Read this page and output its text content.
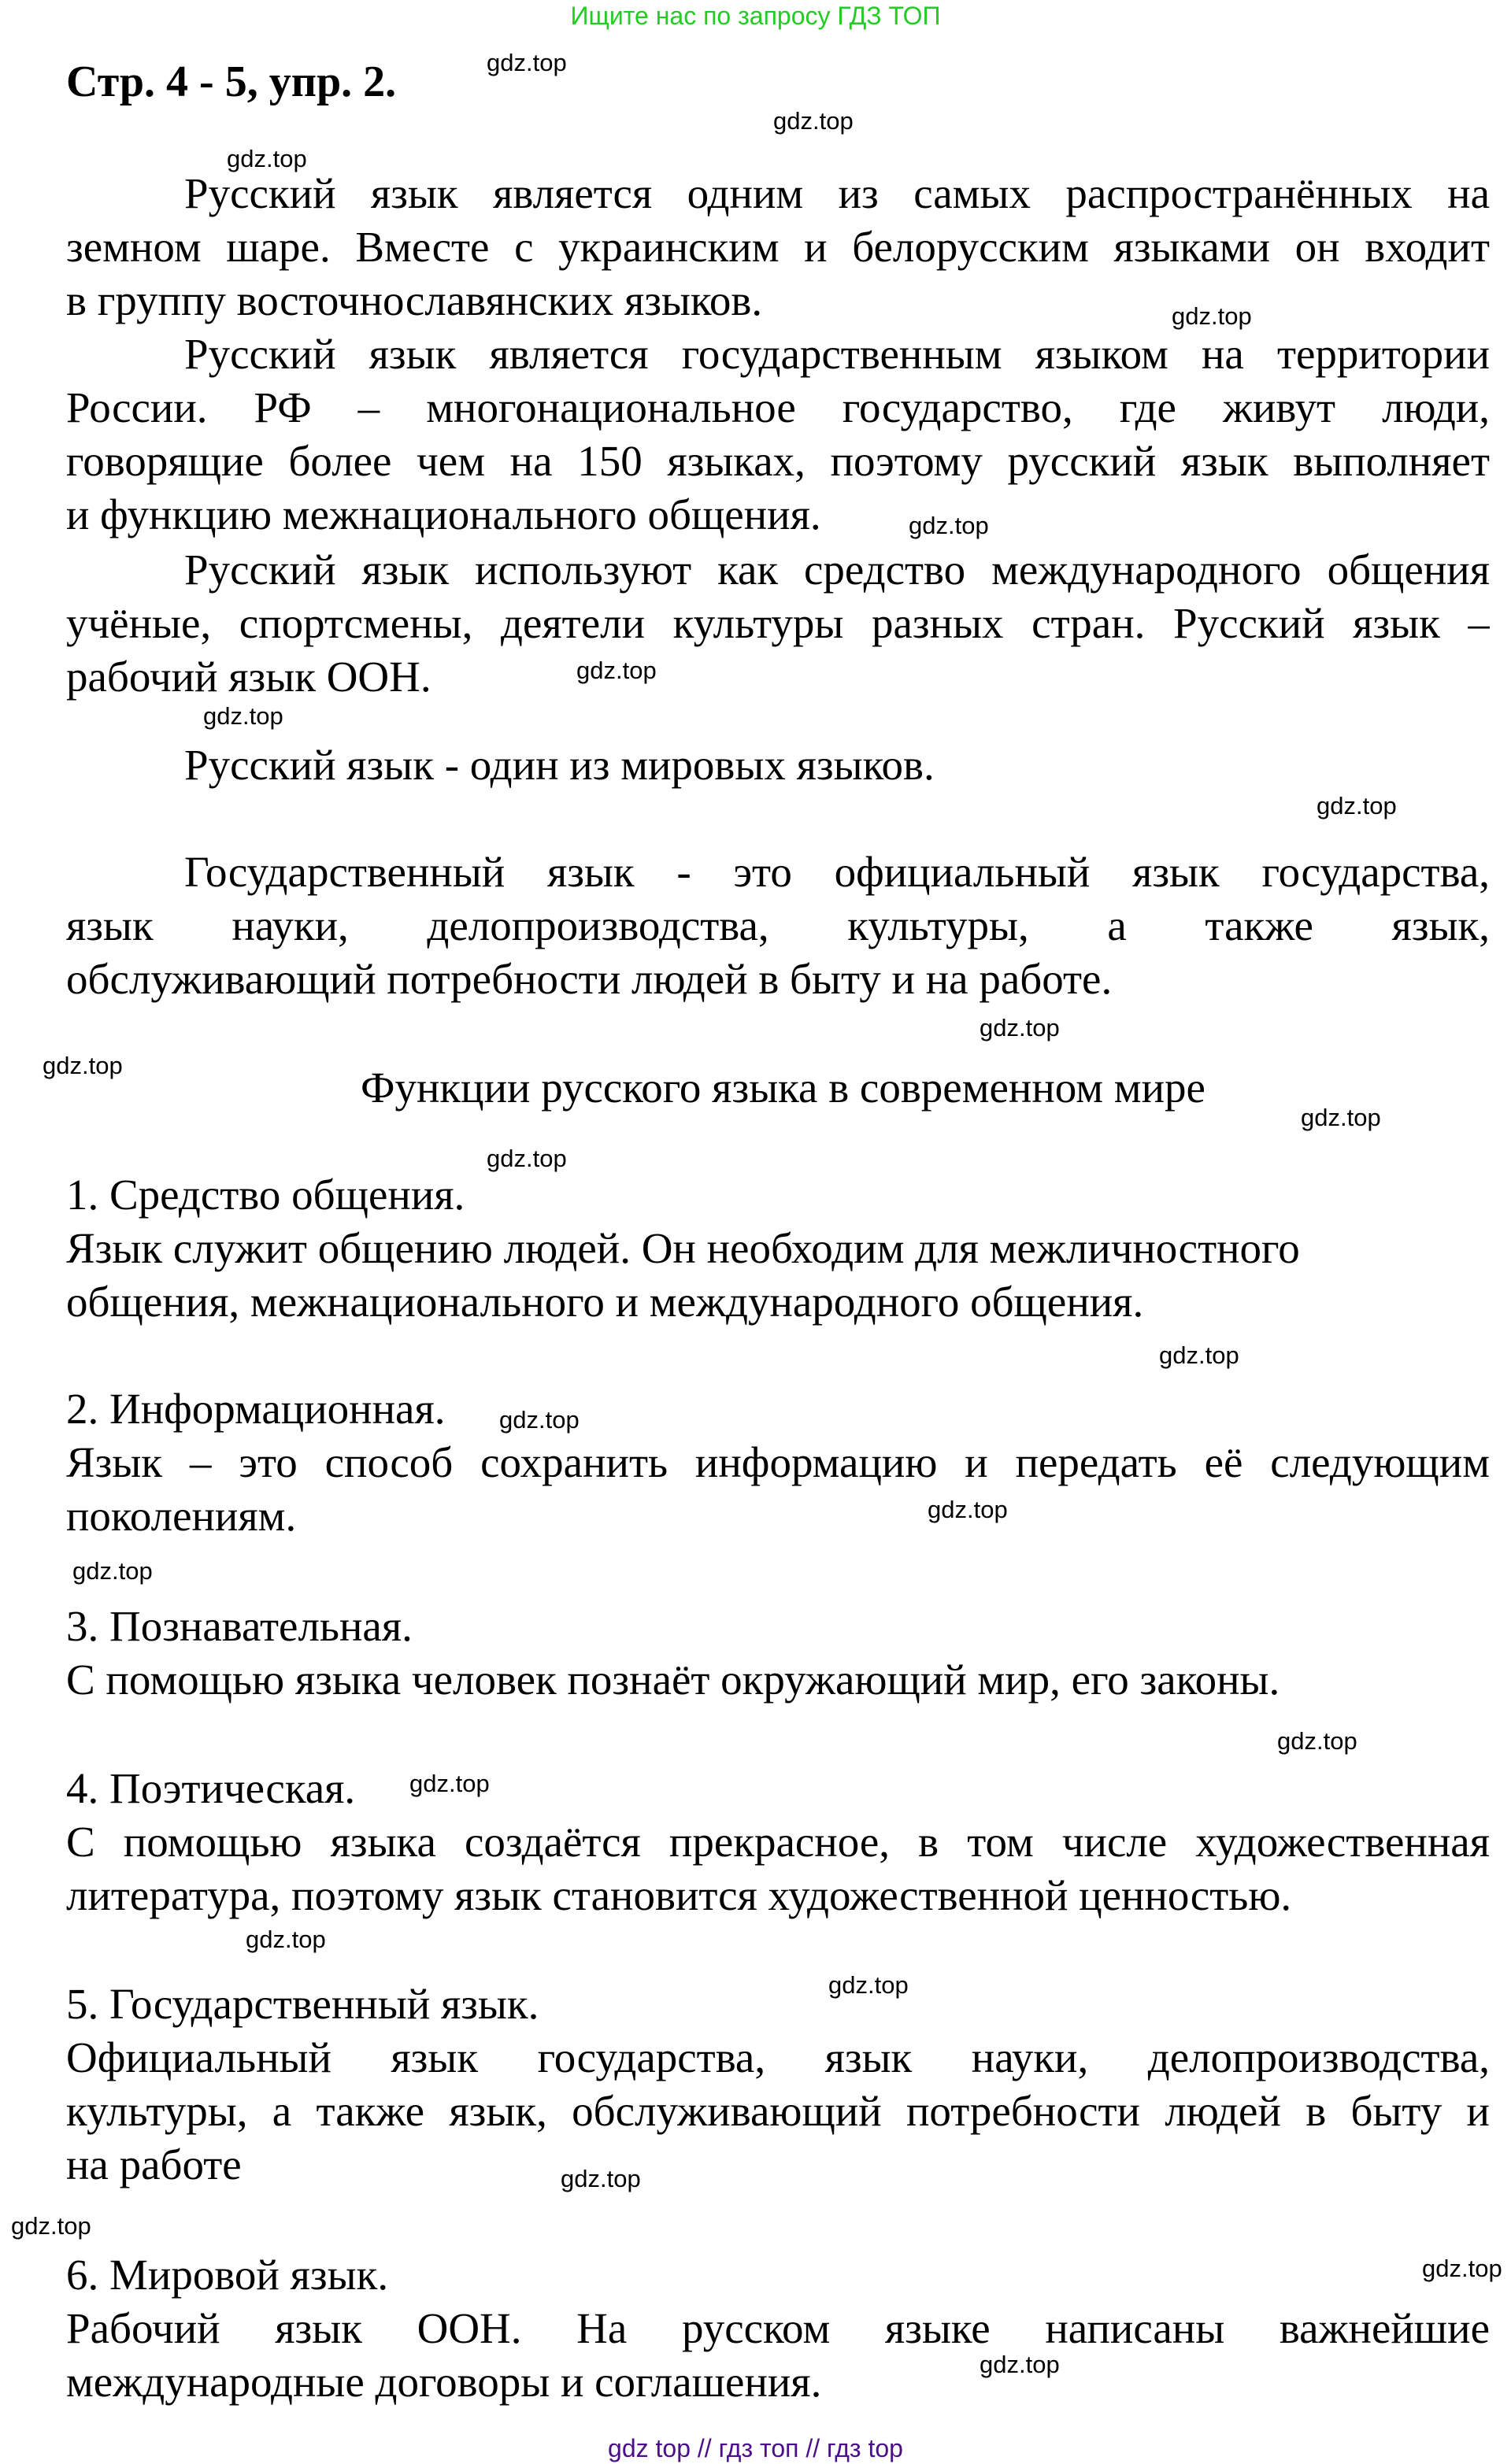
Ищите нас по запросу ГДЗ ТОП
Стр. 4 - 5, упр. 2.
Русский язык является одним из самых распространённых на
земном шаре. Вместе с украинским и белорусским языками он входит
в группу восточнославянских языков.
Русский язык является государственным языком на территории
России. РФ – многонациональное государство, где живут люди,
говорящие более чем на 150 языках, поэтому русский язык выполняет
и функцию межнационального общения.
Русский язык используют как средство международного общения
учёные, спортсмены, деятели культуры разных стран. Русский язык –
рабочий язык ООН.
Русский язык - один из мировых языков.
Государственный язык - это официальный язык государства,
язык науки, делопроизводства, культуры, а также язык,
обслуживающий потребности людей в быту и на работе.
Функции русского языка в современном мире
1. Средство общения.
Язык служит общению людей. Он необходим для межличностного
общения, межнационального и международного общения.
2. Информационная.
Язык – это способ сохранить информацию и передать её следующим
поколениям.
3. Познавательная.
С помощью языка человек познаёт окружающий мир, его законы.
4. Поэтическая.
С помощью языка создаётся прекрасное, в том числе художественная
литература, поэтому язык становится художественной ценностью.
5. Государственный язык.
Официальный язык государства, язык науки, делопроизводства,
культуры, а также язык, обслуживающий потребности людей в быту и
на работе
6. Мировой язык.
Рабочий язык ООН. На русском языке написаны важнейшие
международные договоры и соглашения.
gdz.top
gdz.top
gdz.top
gdz.top
gdz.top
gdz.top
gdz.top
gdz.top
gdz.top
gdz.top
gdz.top
gdz.top
gdz.top
gdz.top
gdz.top
gdz.top
gdz.top
gdz.top
gdz.top
gdz.top
gdz.top
gdz.top
gdz.top
gdz.top
gdz top // гдз топ // гдз top
